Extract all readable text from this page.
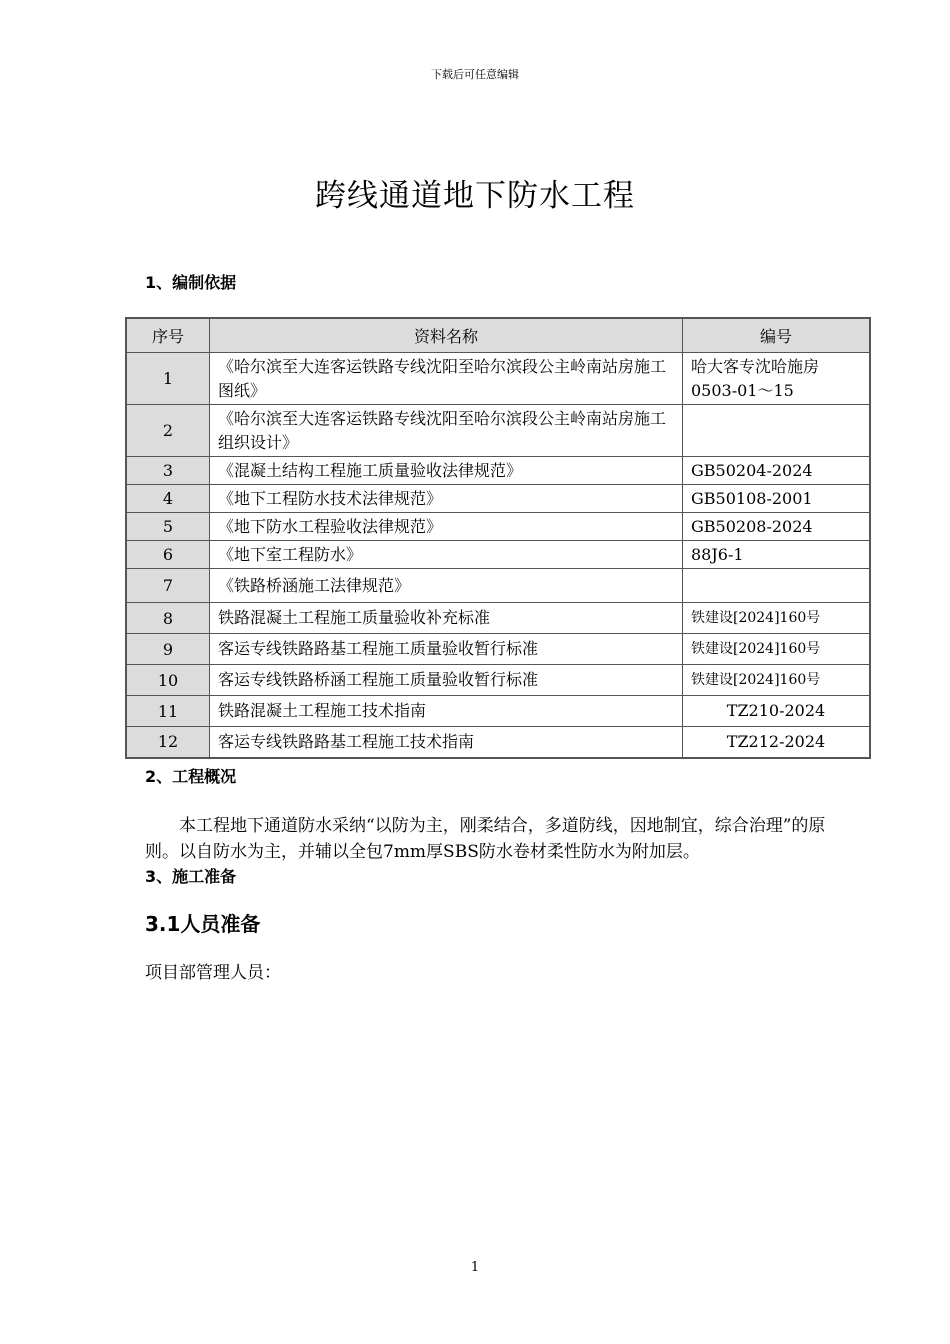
下载后可任意编辑
跨线通道地下防水工程
1、编制依据
序号	资料名称	编号
1	《哈尔滨至大连客运铁路专线沈阳至哈尔滨段公主岭南站房施工图纸》	哈大客专沈哈施房0503-01～15
2	《哈尔滨至大连客运铁路专线沈阳至哈尔滨段公主岭南站房施工组织设计》	
3	《混凝土结构工程施工质量验收法律规范》	GB50204-2024
4	《地下工程防水技术法律规范》	GB50108-2001
5	《地下防水工程验收法律规范》	GB50208-2024
6	《地下室工程防水》	88J6-1
7	《铁路桥涵施工法律规范》	
8	铁路混凝土工程施工质量验收补充标准	铁建设[2024]160号
9	客运专线铁路路基工程施工质量验收暂行标准	铁建设[2024]160号
10	客运专线铁路桥涵工程施工质量验收暂行标准	铁建设[2024]160号
11	铁路混凝土工程施工技术指南	TZ210-2024
12	客运专线铁路路基工程施工技术指南	TZ212-2024
2、工程概况
本工程地下通道防水采纳“以防为主，刚柔结合，多道防线，因地制宜，综合治理”的原则。以自防水为主，并辅以全包7mm厚SBS防水卷材柔性防水为附加层。
3、施工准备
3.1人员准备
项目部管理人员：
1
